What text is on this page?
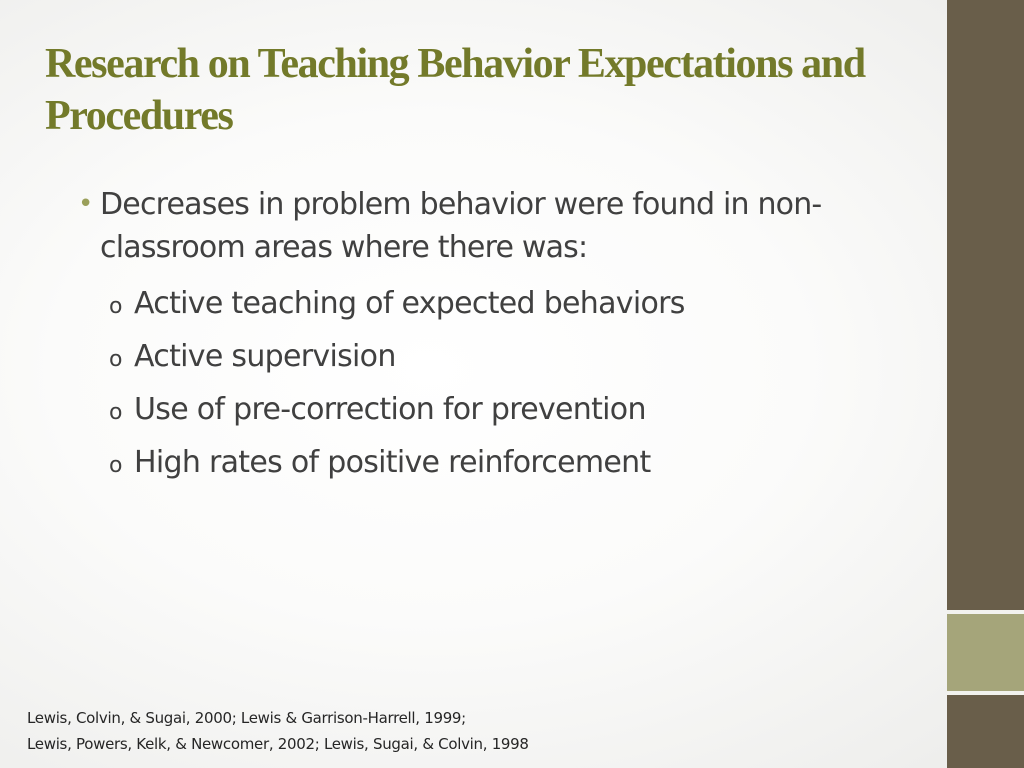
Research on Teaching Behavior Expectations and Procedures

• Decreases in problem behavior were found in non-classroom areas where there was:

o Active teaching of expected behaviors
o Active supervision
o Use of pre-correction for prevention
o High rates of positive reinforcement
Lewis, Colvin, & Sugai, 2000; Lewis & Garrison-Harrell, 1999;
Lewis, Powers, Kelk, & Newcomer, 2002; Lewis, Sugai, & Colvin, 1998
